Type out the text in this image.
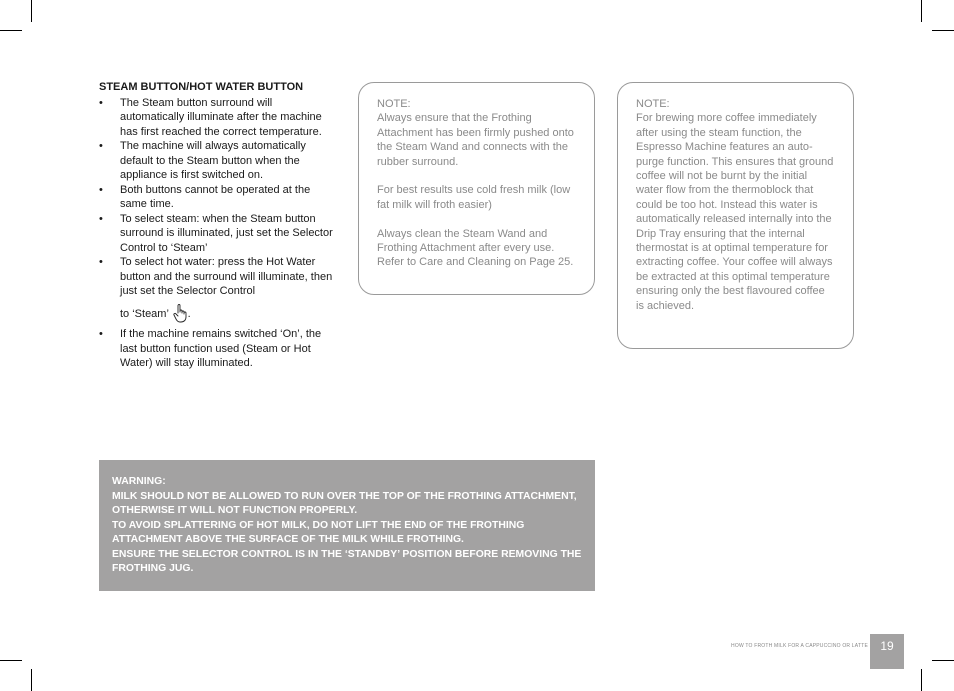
STEAM BUTTON/HOT WATER BUTTON
• The Steam button surround will automatically illuminate after the machine has first reached the correct temperature.
• The machine will always automatically default to the Steam button when the appliance is first switched on.
• Both buttons cannot be operated at the same time.
• To select steam: when the Steam button surround is illuminated, just set the Selector Control to ‘Steam’
• To select hot water: press the Hot Water button and the surround will illuminate, then just set the Selector Control
to ‘Steam’ .
• If the machine remains switched ‘On’, the last button function used (Steam or Hot Water) will stay illuminated.
NOTE:

Always ensure that the Frothing Attachment has been firmly pushed onto the Steam Wand and connects with the rubber surround.

For best results use cold fresh milk (low fat milk will froth easier)

Always clean the Steam Wand and Frothing Attachment after every use. Refer to Care and Cleaning on Page 25.

NOTE:
For brewing more coffee immediately after using the steam function, the Espresso Machine features an auto-purge function. This ensures that ground coffee will not be burnt by the initial water flow from the thermoblock that could be too hot. Instead this water is automatically released internally into the Drip Tray ensuring that the internal thermostat is at optimal temperature for extracting coffee. Your coffee will always be extracted at this optimal temperature ensuring only the best flavoured coffee is achieved.

WARNING:

MILK SHOULD NOT BE ALLOWED TO RUN OVER THE TOP OF THE FROTHING ATTACHMENT, OTHERWISE IT WILL NOT FUNCTION PROPERLY.

TO AVOID SPLATTERING OF HOT MILK, DO NOT LIFT THE END OF THE FROTHING ATTACHMENT ABOVE THE SURFACE OF THE MILK WHILE FROTHING.

ENSURE THE SELECTOR CONTROL IS IN THE ‘STANDBY’ POSITION BEFORE REMOVING THE FROTHING JUG.

HOW TO FROTH MILK FOR A CAPPUCCINO OR LATTE	19
